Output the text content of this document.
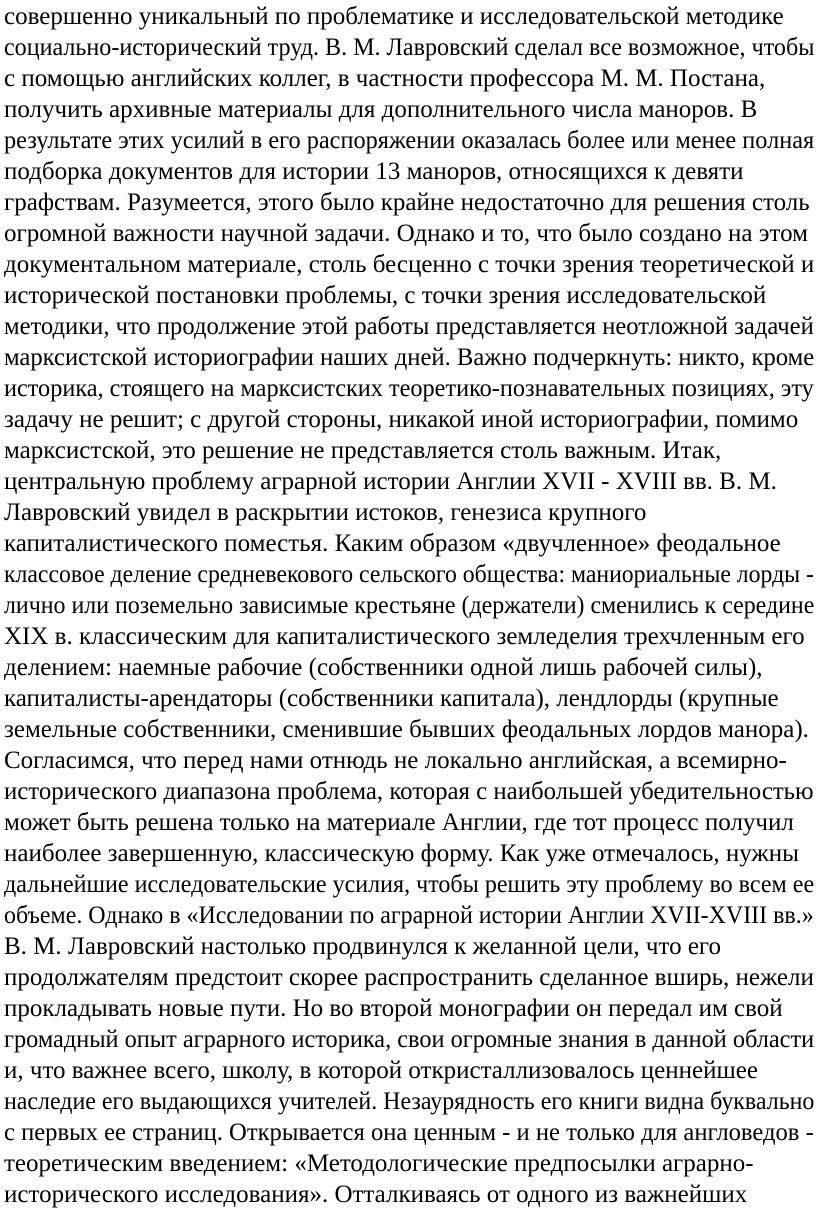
совершенно уникальный по проблематике и исследовательской методике
социально-исторический труд. В. М. Лавровский сделал все возможное, чтобы
с помощью английских коллег, в частности профессора М. М. Постана,
получить архивные материалы для дополнительного числа маноров. В
результате этих усилий в его распоряжении оказалась более или менее полная
подборка документов для истории 13 маноров, относящихся к девяти
графствам. Разумеется, этого было крайне недостаточно для решения столь
огромной важности научной задачи. Однако и то, что было создано на этом
документальном материале, столь бесценно с точки зрения теоретической и
исторической постановки проблемы, с точки зрения исследовательской
методики, что продолжение этой работы представляется неотложной задачей
марксистской историографии наших дней. Важно подчеркнуть: никто, кроме
историка, стоящего на марксистских теоретико-познавательных позициях, эту
задачу не решит; с другой стороны, никакой иной историографии, помимо
марксистской, это решение не представляется столь важным. Итак,
центральную проблему аграрной истории Англии XVII - XVIII вв. В. М.
Лавровский увидел в раскрытии истоков, генезиса крупного
капиталистического поместья. Каким образом «двучленное» феодальное
классовое деление средневекового сельского общества: маниориальные лорды -
лично или поземельно зависимые крестьяне (держатели) сменились к середине
XIX в. классическим для капиталистического земледелия трехчленным его
делением: наемные рабочие (собственники одной лишь рабочей силы),
капиталисты-арендаторы (собственники капитала), лендлорды (крупные
земельные собственники, сменившие бывших феодальных лордов манора).
Согласимся, что перед нами отнюдь не локально английская, а всемирно-
исторического диапазона проблема, которая с наибольшей убедительностью
может быть решена только на материале Англии, где тот процесс получил
наиболее завершенную, классическую форму. Как уже отмечалось, нужны
дальнейшие исследовательские усилия, чтобы решить эту проблему во всем ее
объеме. Однако в «Исследовании по аграрной истории Англии XVII-XVIII вв.»
В. М. Лавровский настолько продвинулся к желанной цели, что его
продолжателям предстоит скорее распространить сделанное вширь, нежели
прокладывать новые пути. Но во второй монографии он передал им свой
громадный опыт аграрного историка, свои огромные знания в данной области
и, что важнее всего, школу, в которой откристаллизовалось ценнейшее
наследие его выдающихся учителей. Незаурядность его книги видна буквально
с первых ее страниц. Открывается она ценным - и не только для англоведов -
теоретическим введением: «Методологические предпосылки аграрно-
исторического исследования». Отталкиваясь от одного из важнейших
